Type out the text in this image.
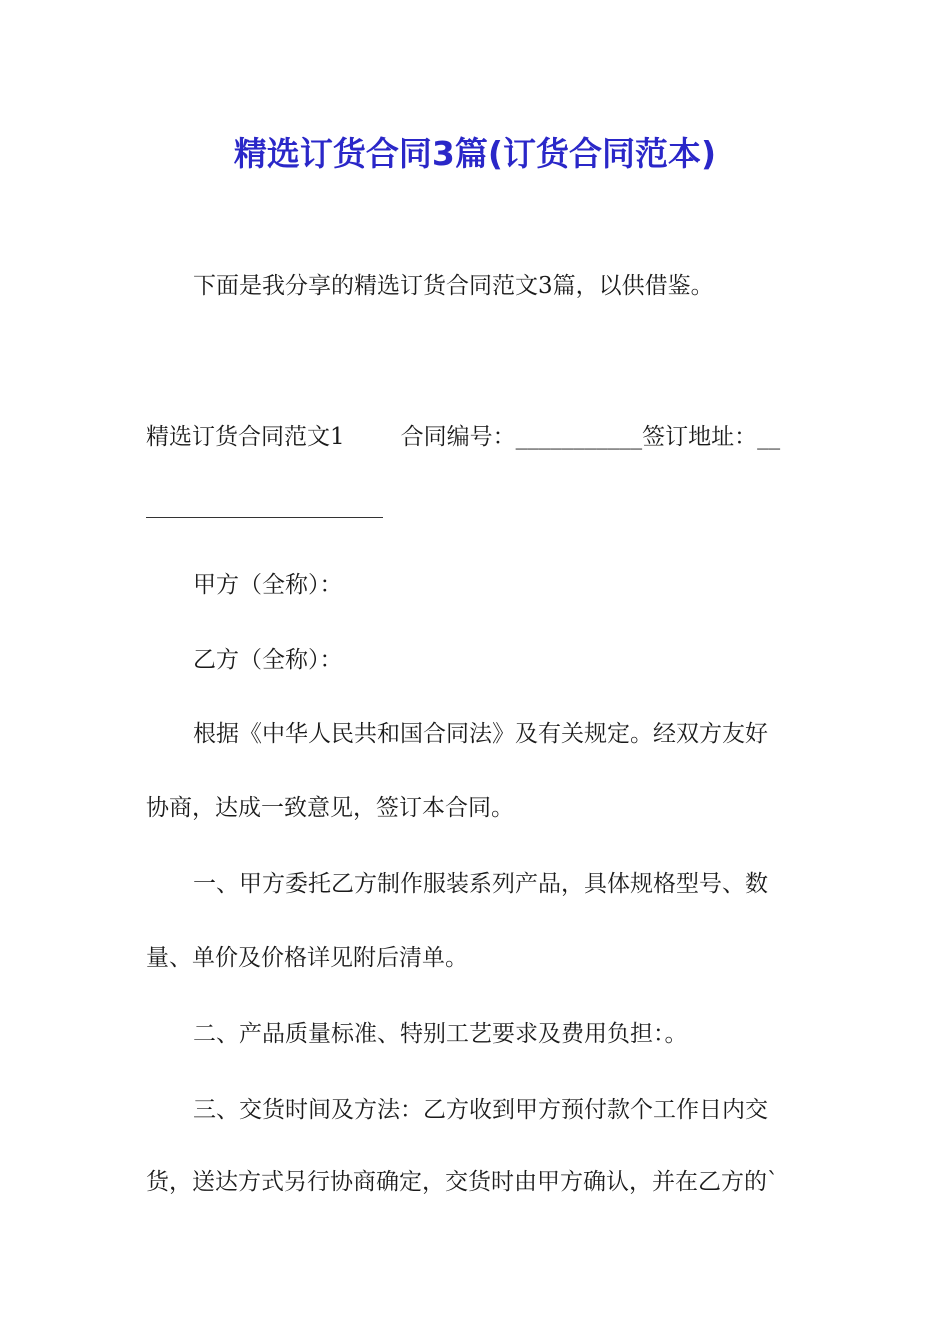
精选订货合同3篇(订货合同范本)

下面是我分享的精选订货合同范文3篇，以供借鉴。

精选订货合同范文1 合同编号：___________签订地址：__

甲方（全称）：

乙方（全称）：

根据《中华人民共和国合同法》及有关规定。经双方友好

协商，达成一致意见，签订本合同。

一、甲方委托乙方制作服装系列产品，具体规格型号、数

量、单价及价格详见附后清单。

二、产品质量标准、特别工艺要求及费用负担：。

三、交货时间及方法：乙方收到甲方预付款个工作日内交

货，送达方式另行协商确定，交货时由甲方确认，并在乙方的`
